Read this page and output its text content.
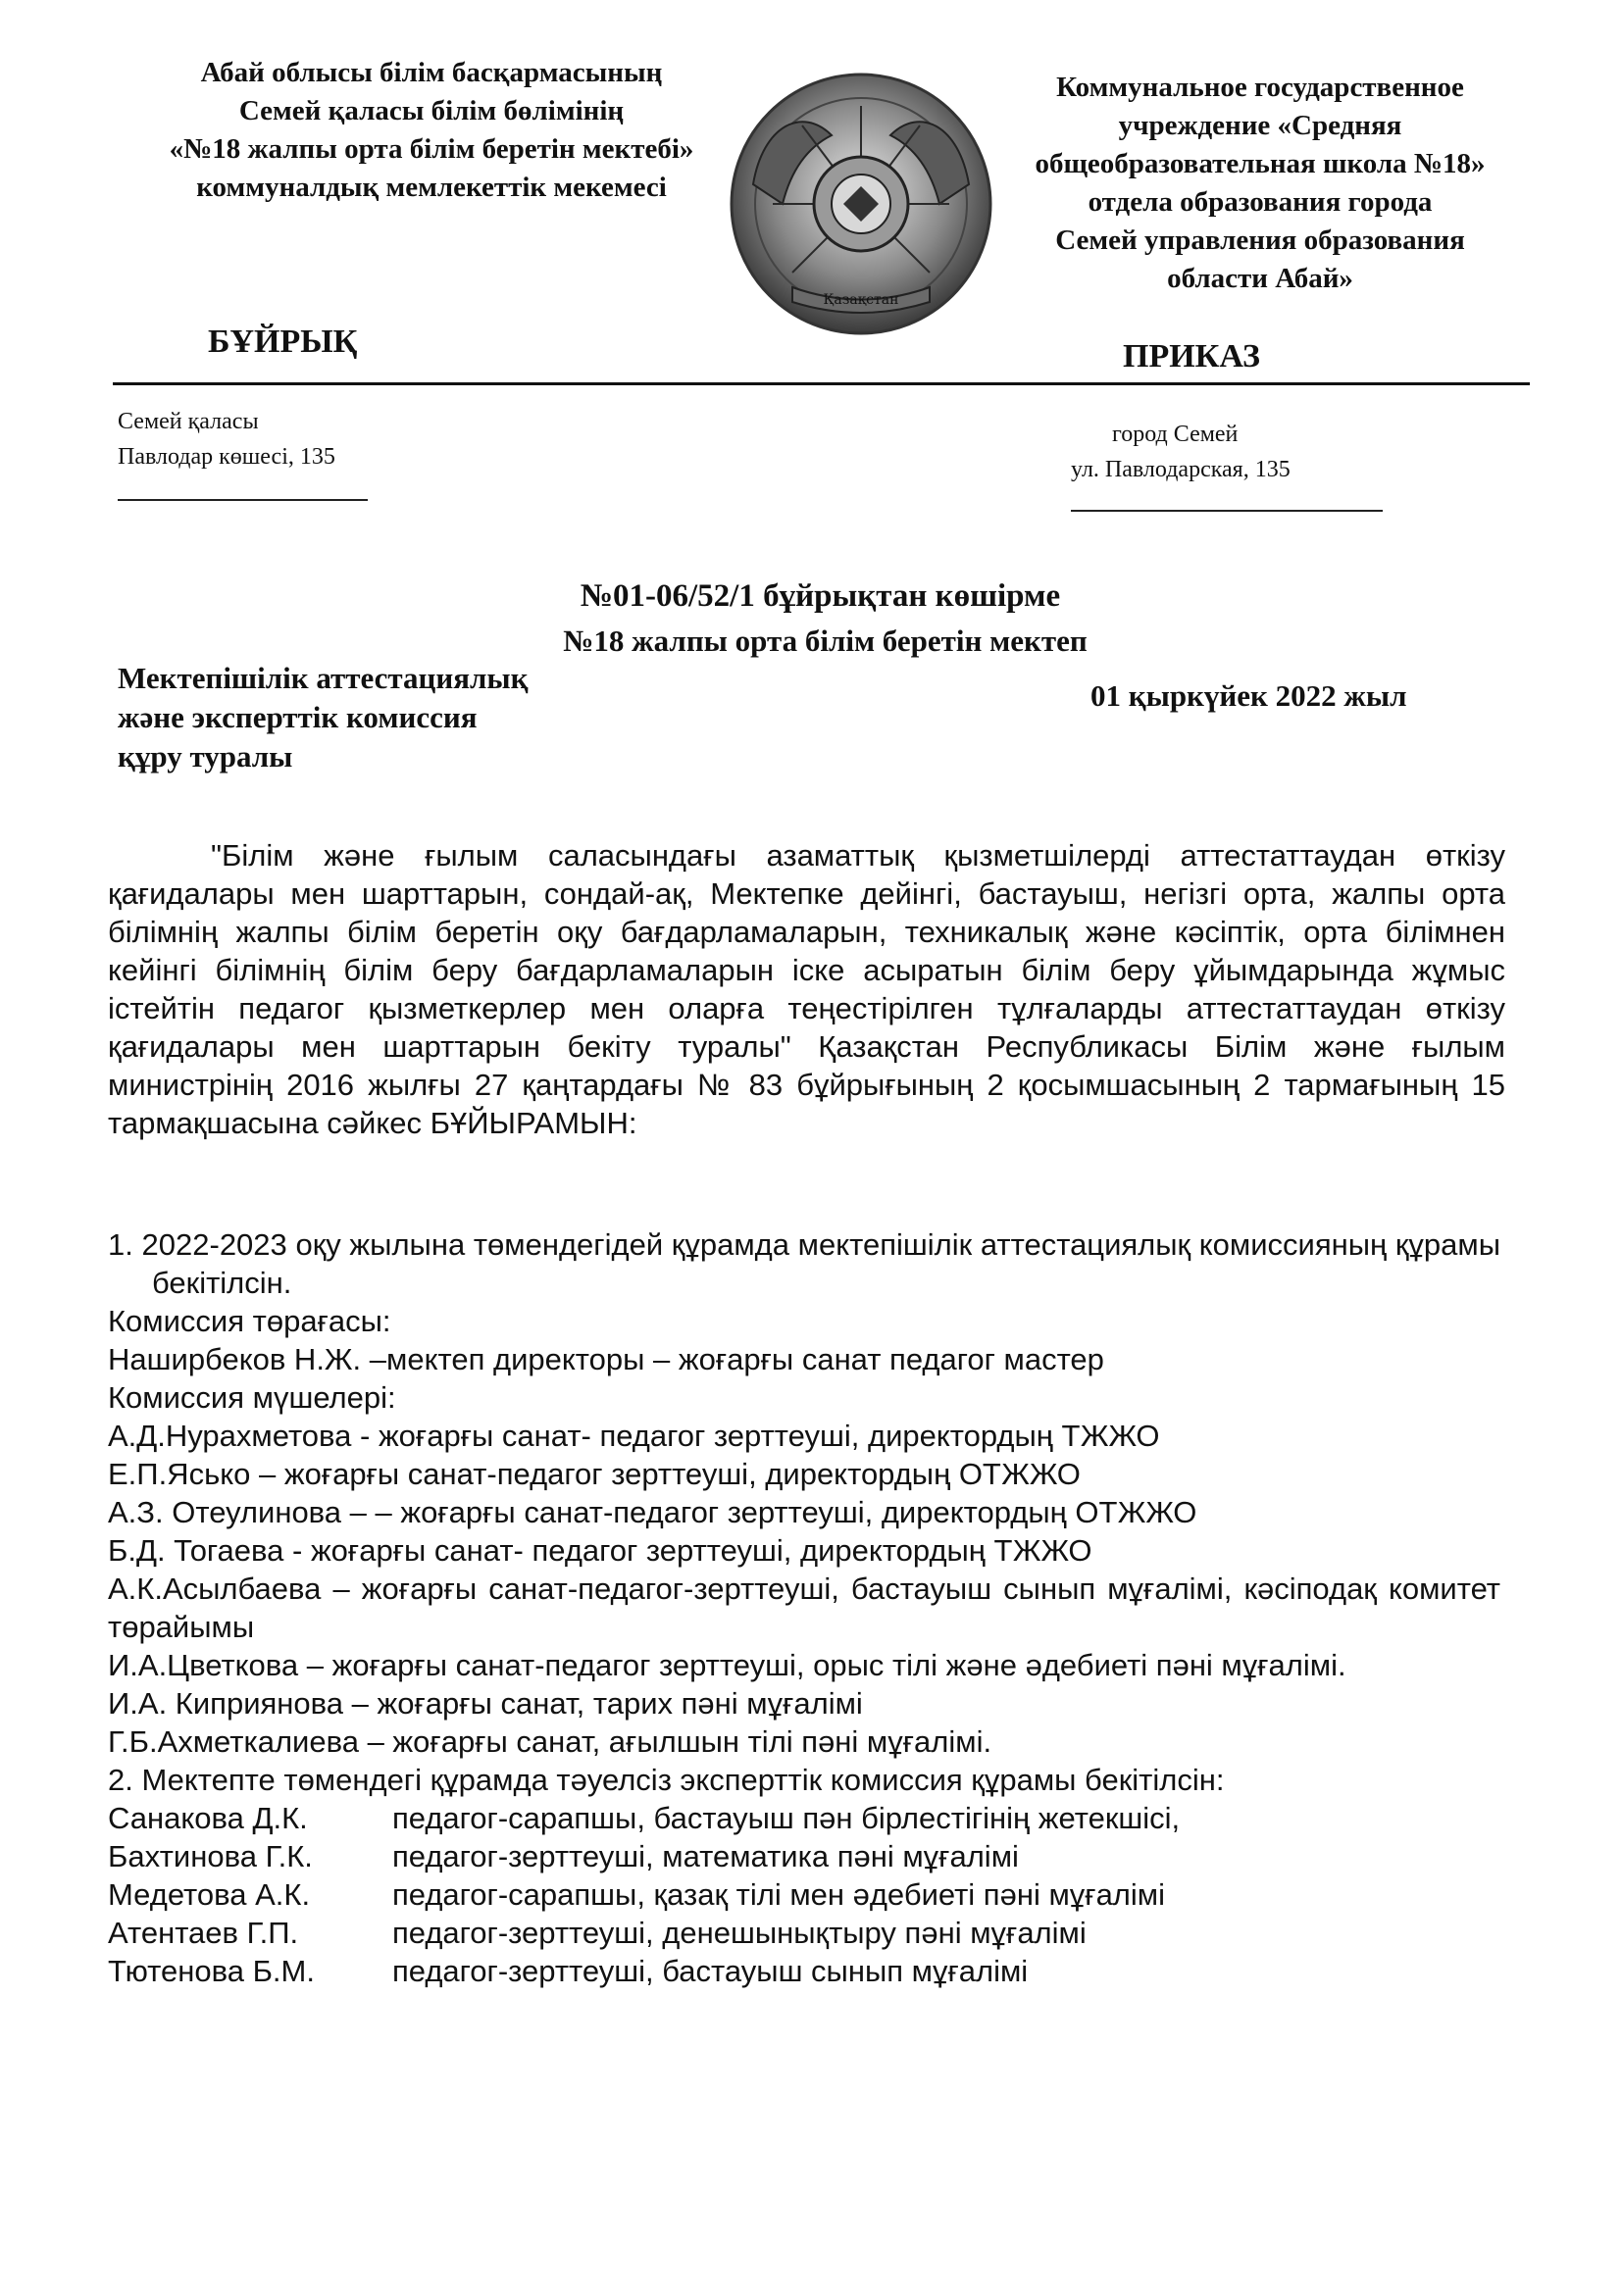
Абай облысы білім басқармасының
Семей қаласы білім бөлімінің
«№18 жалпы орта білім беретін мектебі»
коммуналдық мемлекеттік мекемесі
Қазақстан
Коммунальное государственное
учреждение «Средняя
общеобразовательная школа №18»
отдела образования города
Семей управления образования
области Абай»
БҰЙРЫҚ	ПРИКАЗ
Семей қаласы
Павлодар көшесі, 135
город Семей
ул. Павлодарская, 135
№01-06/52/1 бұйрықтан көшірме
№18 жалпы орта білім беретін мектеп
Мектепішілік аттестациялық
және эксперттік комиссия
құру туралы
01 қыркүйек 2022 жыл

"Білім және ғылым саласындағы азаматтық қызметшілерді аттестаттаудан өткізу қағидалары мен шарттарын, сондай-ақ, Мектепке дейінгі, бастауыш, негізгі орта, жалпы орта білімнің жалпы білім беретін оқу бағдарламаларын, техникалық және кәсіптік, орта білімнен кейінгі білімнің білім беру бағдарламаларын іске асыратын білім беру ұйымдарында жұмыс істейтін педагог қызметкерлер мен оларға теңестірілген тұлғаларды аттестаттаудан өткізу қағидалары мен шарттарын бекіту туралы" Қазақстан Республикасы Білім және ғылым министрінің 2016 жылғы 27 қаңтардағы № 83 бұйрығының 2 қосымшасының 2 тармағының 15 тармақшасына сәйкес БҰЙЫРАМЫН:

1. 2022-2023 оқу жылына төмендегідей құрамда мектепішілік аттестациялық комиссияның құрамы бекітілсін.
Комиссия төрағасы:
Наширбеков Н.Ж. –мектеп директоры – жоғарғы санат педагог мастер
Комиссия мүшелері:
А.Д.Нурахметова - жоғарғы санат- педагог зерттеуші, директордың ТЖЖО
Е.П.Ясько – жоғарғы санат-педагог зерттеуші, директордың ОТЖЖО
А.З. Отеулинова – – жоғарғы санат-педагог зерттеуші, директордың ОТЖЖО
Б.Д. Тогаева - жоғарғы санат- педагог зерттеуші, директордың ТЖЖО
А.К.Асылбаева – жоғарғы санат-педагог-зерттеуші, бастауыш сынып мұғалімі, кәсіподақ комитет төрайымы
И.А.Цветкова – жоғарғы санат-педагог зерттеуші, орыс тілі және әдебиеті пәні мұғалімі.
И.А. Киприянова – жоғарғы санат, тарих пәні мұғалімі
Г.Б.Ахметкалиева – жоғарғы санат, ағылшын тілі пәні мұғалімі.
2. Мектепте төмендегі құрамда тәуелсіз эксперттік комиссия құрамы бекітілсін:
Санакова Д.К.	педагог-сарапшы, бастауыш пән бірлестігінің жетекшісі,
Бахтинова Г.К.	педагог-зерттеуші, математика пәні мұғалімі
Медетова А.К.	педагог-сарапшы, қазақ тілі мен әдебиеті пәні мұғалімі
Атентаев Г.П.	педагог-зерттеуші, денешынықтыру пәні мұғалімі
Тютенова Б.М.	педагог-зерттеуші, бастауыш сынып мұғалімі
